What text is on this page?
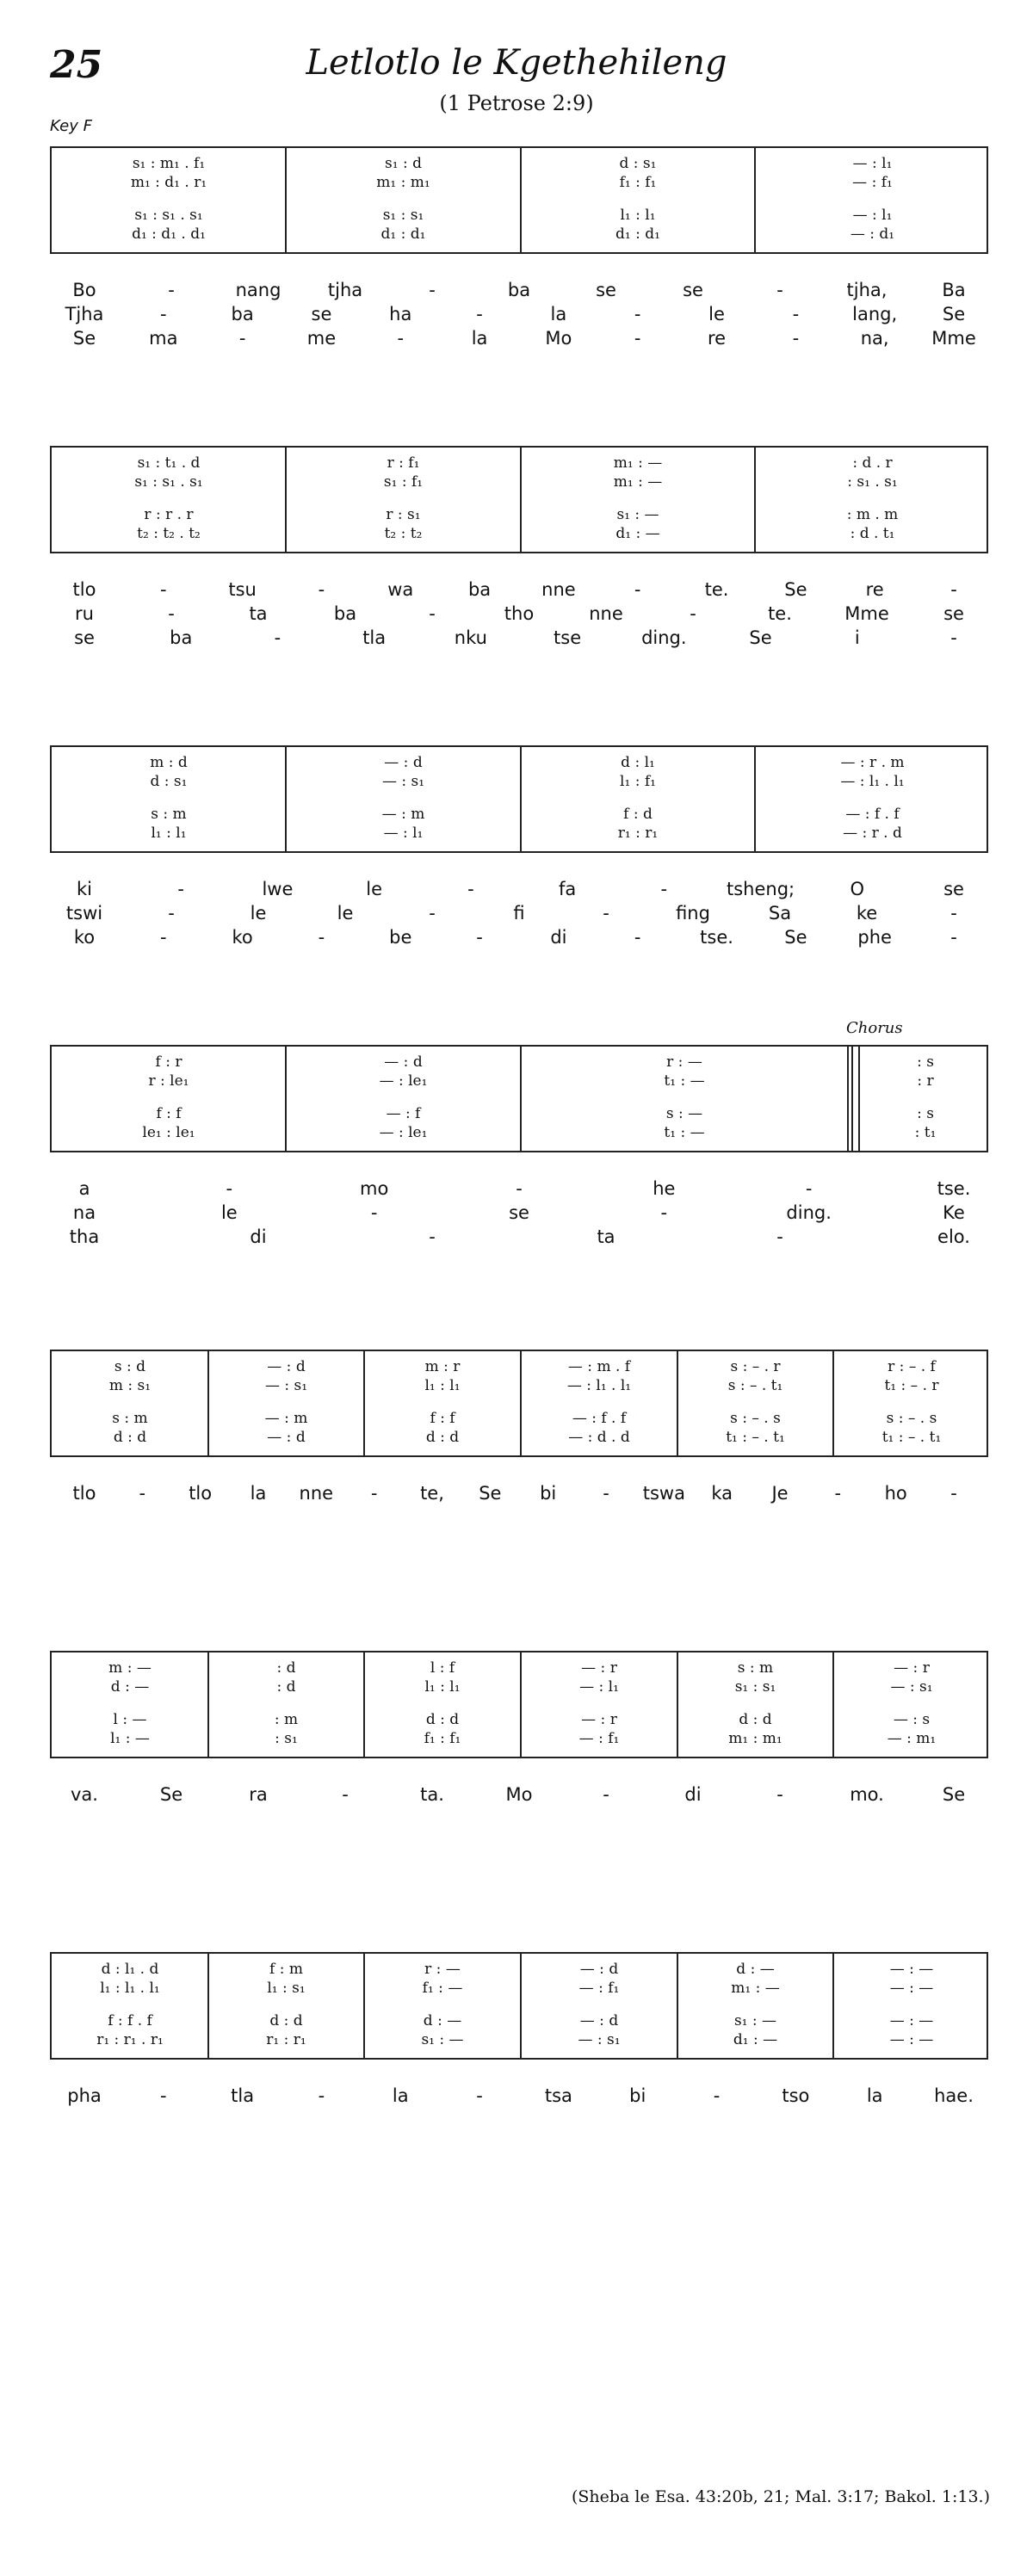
25	Letlotlo le Kgethehileng
(1 Petrose 2:9)
Key F
s₁ : m₁ . f₁	s₁ : d	d : s₁	— : l₁
m₁ : d₁ . r₁	m₁ : m₁	f₁ : f₁	— : f₁
s₁ : s₁ . s₁	s₁ : s₁	l₁ : l₁	— : l₁
d₁ : d₁ . d₁	d₁ : d₁	d₁ : d₁	— : d₁
Bo	-	nang	tjha	-	ba	se	se	-	tjha,	Ba
Tjha	-	ba	se	ha	-	la	-	le	-	lang,	Se
Se	ma	-	me	-	la	Mo	-	re	-	na, Mme
s₁ : t₁ . d	r : f₁	m₁ : —	: d . r
s₁ : s₁ . s₁	s₁ : f₁	m₁ : —	: s₁ . s₁
r : r . r	r : s₁	s₁ : —	: m . m
t₂ : t₂ . t₂	t₂ : t₂	d₁ : —	: d . t₁
tlo	-	tsu	-	wa	ba	nne	-	te.	Se	re	-
ru	-	ta	ba	-	tho	nne	-	te.	Mme	se
se	ba	-	tla	nku	tse	ding.	Se	i	-
m : d	— : d	d : l₁	— : r . m
d : s₁	— : s₁	l₁ : f₁	— : l₁ . l₁
s : m	— : m	f : d	— : f . f
l₁ : l₁	— : l₁	r₁ : r₁	— : r . d
ki	-	lwe	le	-	fa	-	tsheng;	O	se
tswi	-	le	le	-	fi	-	fing	Sa	ke	-
ko	-	ko	-	be	-	di	-	tse.	Se	phe	-
f : r	— : d	r : —	: s
r : le₁	— : le₁	t₁ : —	: r
f : f	— : f	s : —	: s
le₁ : le₁	— : le₁	t₁ : —	: t₁
Chorus
a	-	mo	-	he	-	tse.
na	le	-	se	-	ding.	Ke
tha	di	-	ta	-	elo.
s : d	— : d	m : r	— : m . f	s : – . r	r : – . f
m : s₁	— : s₁	l₁ : l₁	— : l₁ . l₁	s : – . t₁	t₁ : – . r
s : m	— : m	f : f	— : f . f	s : – . s	s : – . s
d : d	— : d	d : d	— : d . d	t₁ : – . t₁	t₁ : – . t₁
tlo - tlo la nne - te, Se bi	- tswa ka Je	- ho -
m : —	: d	l : f	— : r	s : m	— : r
d : —	: d	l₁ : l₁	— : l₁	s₁ : s₁	— : s₁
l : —	: m	d : d	— : r	d : d	— : s
l₁ : —	: s₁	f₁ : f₁	— : f₁	m₁ : m₁	— : m₁
va.	Se	ra	-	ta.	Mo	-	di	-	mo.	Se
d : l₁ . d	f : m	r : —	— : d	d : —	— : —
l₁ : l₁ . l₁	l₁ : s₁	f₁ : —	— : f₁	m₁ : —	— : —
f : f . f	d : d	d : —	— : d	s₁ : —	— : —
r₁ : r₁ . r₁	r₁ : r₁	s₁ : —	— : s₁	d₁ : —	— : —
pha	-	tla	-	la	-	tsa	bi	-	tso	la	hae.
(Sheba le Esa. 43:20b, 21; Mal. 3:17; Bakol. 1:13.)
